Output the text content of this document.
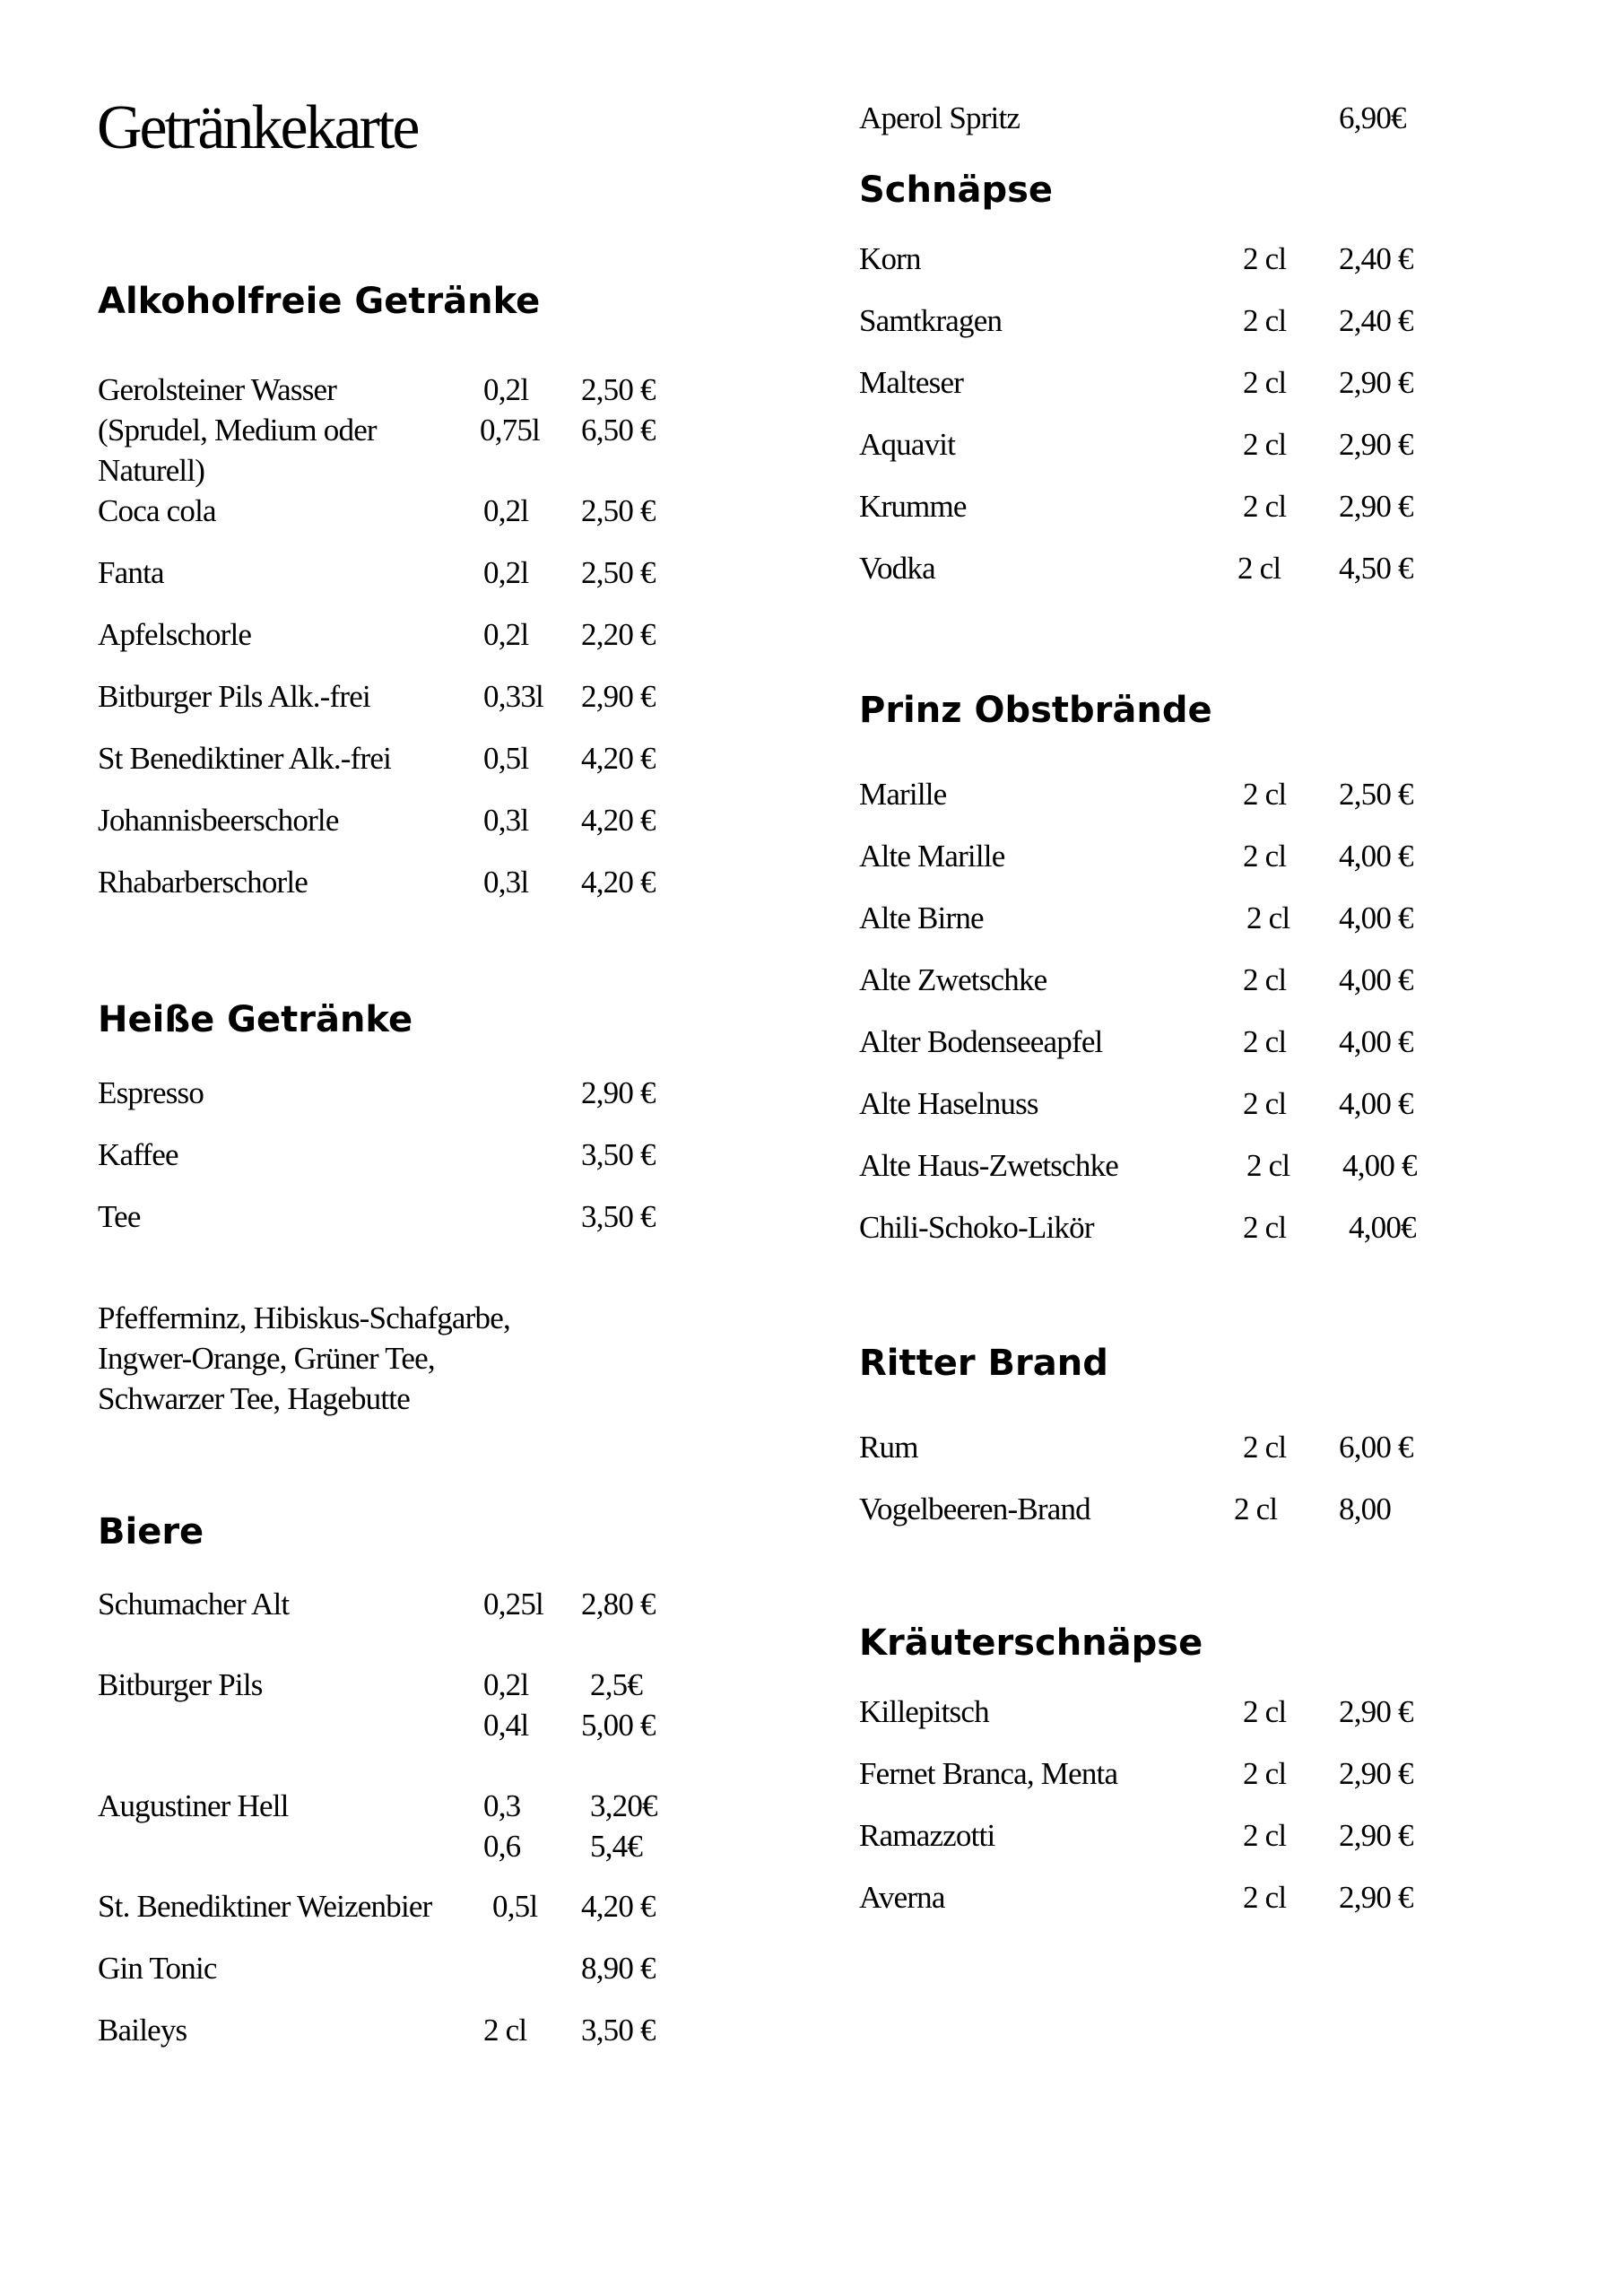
Getränkekarte
Alkoholfreie Getränke
Gerolsteiner Wasser	0,2l 2,50 €
(Sprudel, Medium oder	0,75l 6,50 €
Naturell)
Coca cola	0,2l 2,50 €
Fanta	0,2l 2,50 €
Apfelschorle	0,2l 2,20 €
Bitburger Pils Alk.-frei	0,33l 2,90 €
St Benediktiner Alk.-frei	0,5l 4,20 €
Johannisbeerschorle	0,3l 4,20 €
Rhabarberschorle	0,3l 4,20 €
Heiße Getränke
Espresso	2,90 €
Kaffee	3,50 €
Tee	3,50 €
Pfefferminz, Hibiskus-Schafgarbe,
Ingwer-Orange, Grüner Tee,
Schwarzer Tee, Hagebutte
Biere
Schumacher Alt	0,25l 2,80 €
Bitburger Pils	0,2l 2,5€
0,4l 5,00 €
Augustiner Hell	0,3 3,20€
0,6 5,4€
St. Benediktiner Weizenbier 0,5l 4,20 €
Gin Tonic	8,90 €
Baileys	2 cl 3,50 €
Aperol Spritz	6,90€
Schnäpse
Korn	2 cl 2,40 €
Samtkragen	2 cl 2,40 €
Malteser	2 cl 2,90 €
Aquavit	2 cl 2,90 €
Krumme	2 cl 2,90 €
Vodka	2 cl 4,50 €
Prinz Obstbrände
Marille	2 cl 2,50 €
Alte Marille	2 cl 4,00 €
Alte Birne	2 cl 4,00 €
Alte Zwetschke	2 cl 4,00 €
Alter Bodenseeapfel	2 cl 4,00 €
Alte Haselnuss	2 cl 4,00 €
Alte Haus-Zwetschke	2 cl 4,00 €
Chili-Schoko-Likör	2 cl 4,00€
Ritter Brand
Rum	2 cl 6,00 €
Vogelbeeren-Brand	2 cl 8,00
Kräuterschnäpse
Killepitsch	2 cl 2,90 €
Fernet Branca, Menta	2 cl 2,90 €
Ramazzotti	2 cl 2,90 €
Averna	2 cl 2,90 €
